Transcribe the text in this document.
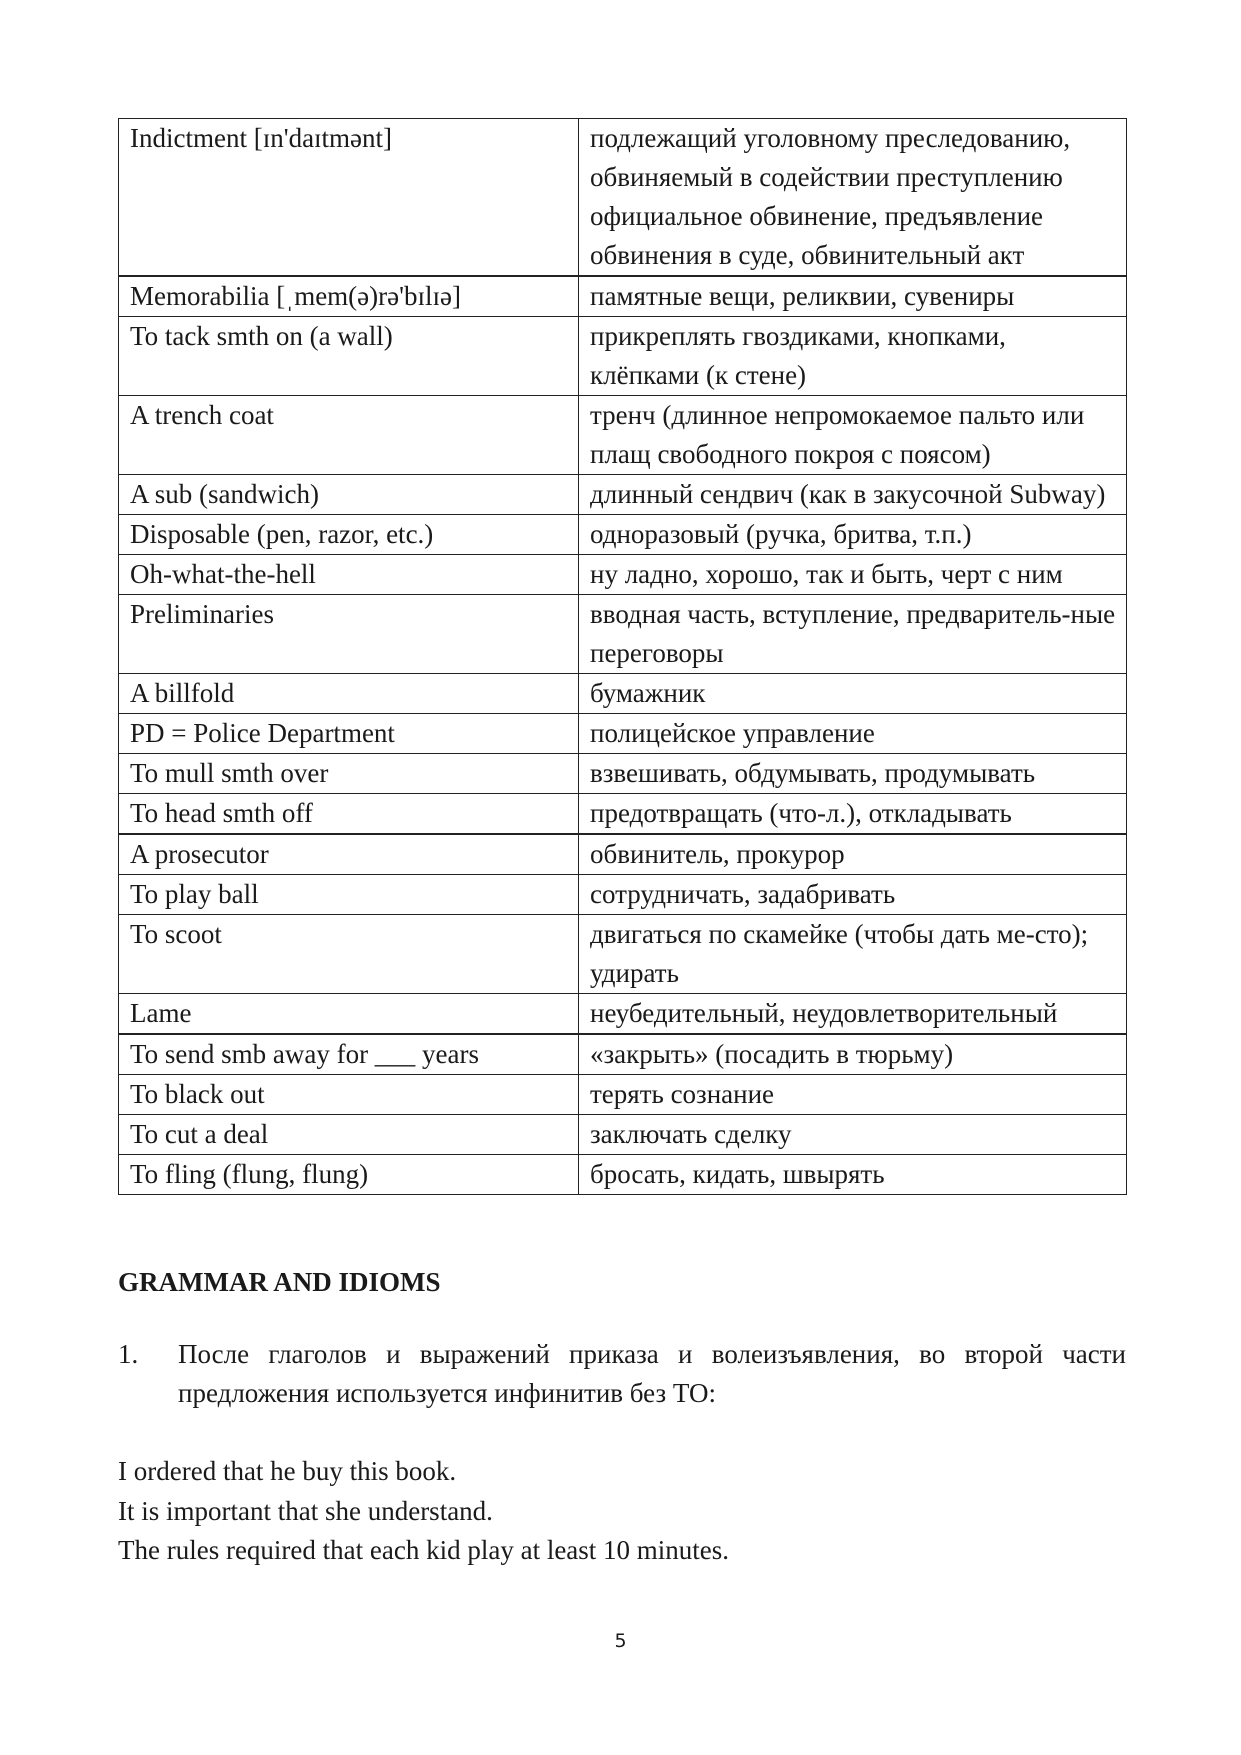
Indictment [ɪn'daɪtmənt]	подлежащий уголовному преследованию, обвиняемый в содействии преступлению официальное обвинение, предъявление обвинения в суде, обвинительный акт
Memorabilia [ˌmem(ə)rə'bɪlɪə]	памятные вещи, реликвии, сувениры
To tack smth on (a wall)	прикреплять гвоздиками, кнопками, клёпками (к стене)
A trench coat	тренч (длинное непромокаемое пальто или плащ свободного покроя с поясом)
A sub (sandwich)	длинный сендвич (как в закусочной Subway)
Disposable (pen, razor, etc.)	одноразовый (ручка, бритва, т.п.)
Oh-what-the-hell	ну ладно, хорошо, так и быть, черт с ним
Preliminaries	вводная часть, вступление, предваритель-ные переговоры
A billfold	бумажник
PD = Police Department	полицейское управление
To mull smth over	взвешивать, обдумывать, продумывать
To head smth off	предотвращать (что-л.), откладывать
A prosecutor	обвинитель, прокурор
To play ball	сотрудничать, задабривать
To scoot	двигаться по скамейке (чтобы дать ме-сто); удирать
Lame	неубедительный, неудовлетворительный
To send smb away for ___ years	«закрыть» (посадить в тюрьму)
To black out	терять сознание
To cut a deal	заключать сделку
To fling (flung, flung)	бросать, кидать, швырять
GRAMMAR AND IDIOMS
1. После глаголов и выражений приказа и волеизъявления, во второй части предложения используется инфинитив без ТО:

I ordered that he buy this book.

It is important that she understand.

The rules required that each kid play at least 10 minutes.

5
